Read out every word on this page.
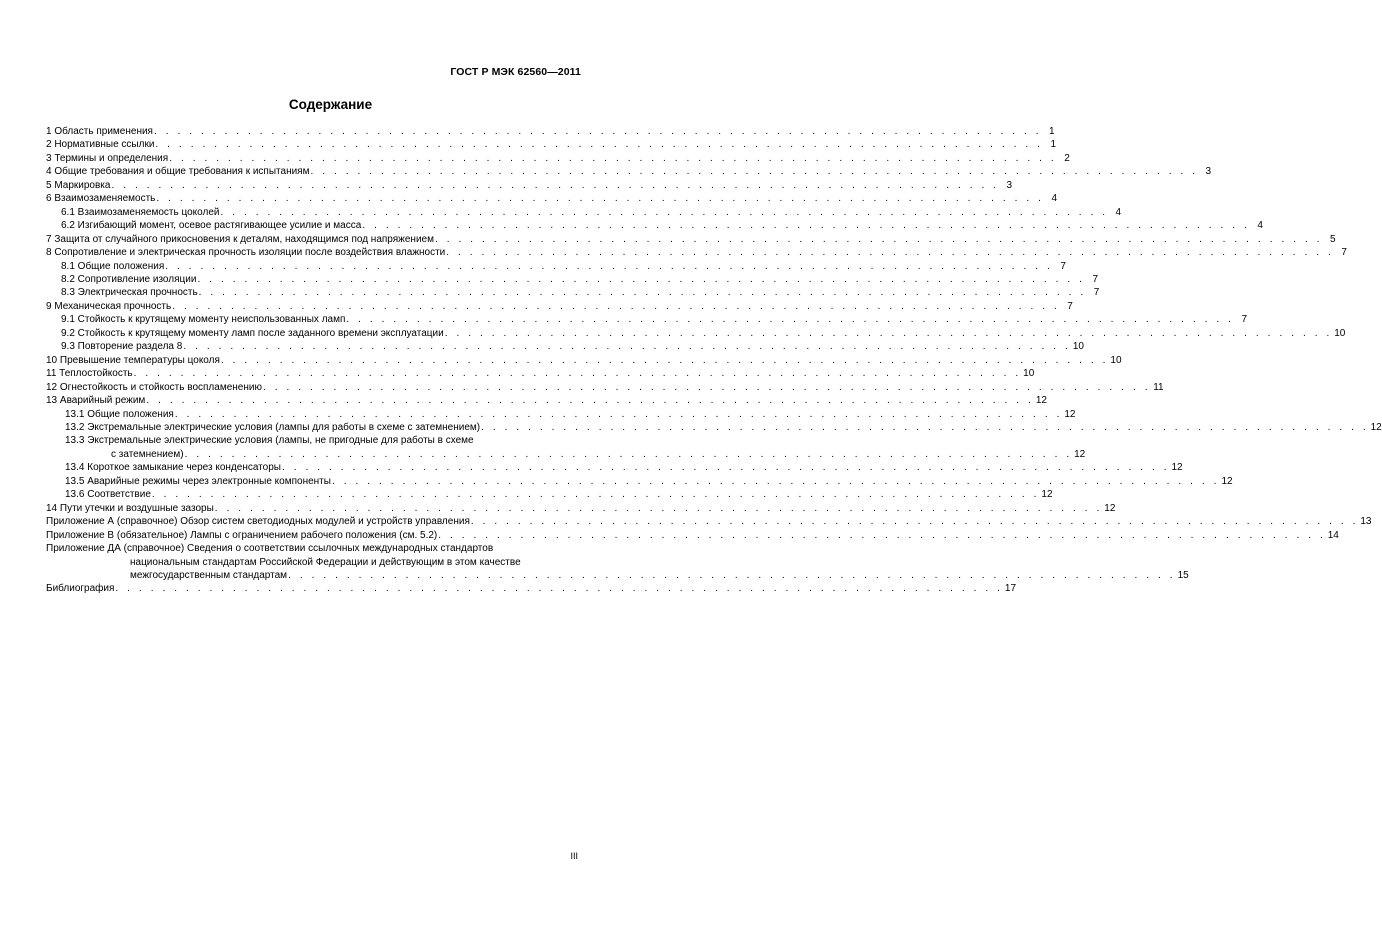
ГОСТ Р МЭК 62560—2011
Содержание
1 Область применения . . . . . . . . . . . . . . . . . . . . . . . . . . . . . . . . . . . . . . . . . . . . . . . . . . . . . . . . . . . . . . . . . . . . . . . . . . . . 1
2 Нормативные ссылки . . . . . . . . . . . . . . . . . . . . . . . . . . . . . . . . . . . . . . . . . . . . . . . . . . . . . . . . . . . . . . . . . . . . . . . . . . . . 1
3 Термины и определения . . . . . . . . . . . . . . . . . . . . . . . . . . . . . . . . . . . . . . . . . . . . . . . . . . . . . . . . . . . . . . . . . . . . . . . . . . . . 2
4 Общие требования и общие требования к испытаниям . . . . . . . . . . . . . . . . . . . . . . . . . . . . . . . . . . . . . . . . . . . . . . . . . . . . . . . . . . . . . . . . . . . . . . . . . . . . 3
5 Маркировка . . . . . . . . . . . . . . . . . . . . . . . . . . . . . . . . . . . . . . . . . . . . . . . . . . . . . . . . . . . . . . . . . . . . . . . . . . . . 3
6 Взаимозаменяемость . . . . . . . . . . . . . . . . . . . . . . . . . . . . . . . . . . . . . . . . . . . . . . . . . . . . . . . . . . . . . . . . . . . . . . . . . . . . 4
6.1 Взаимозаменяемость цоколей . . . . . . . . . . . . . . . . . . . . . . . . . . . . . . . . . . . . . . . . . . . . . . . . . . . . . . . . . . . . . . . . . . . . . . . . . . . . 4
6.2 Изгибающий момент, осевое растягивающее усилие и масса . . . . . . . . . . . . . . . . . . . . . . . . . . . . . . . . . . . . . . . . . . . . . . . . . . . . . . . . . . . . . . . . . . . . . . . . . . . . 4
7 Защита от случайного прикосновения к деталям, находящимся под напряжением . . . . . . . . . . . . . . . . . . . . . . . . . . . . . . . . . . . . . . . . . . . . . . . . . . . . . . . . . . . . . . . . . . . . . . . . . . . . 5
8 Сопротивление и электрическая прочность изоляции после воздействия влажности . . . . . . . . . . . . . . . . . . . . . . . . . . . . . . . . . . . . . . . . . . . . . . . . . . . . . . . . . . . . . . . . . . . . . . . . . . . . 7
8.1 Общие положения . . . . . . . . . . . . . . . . . . . . . . . . . . . . . . . . . . . . . . . . . . . . . . . . . . . . . . . . . . . . . . . . . . . . . . . . . . . . 7
8.2 Сопротивление изоляции . . . . . . . . . . . . . . . . . . . . . . . . . . . . . . . . . . . . . . . . . . . . . . . . . . . . . . . . . . . . . . . . . . . . . . . . . . . . 7
8.3 Электрическая прочность . . . . . . . . . . . . . . . . . . . . . . . . . . . . . . . . . . . . . . . . . . . . . . . . . . . . . . . . . . . . . . . . . . . . . . . . . . . . 7
9 Механическая прочность . . . . . . . . . . . . . . . . . . . . . . . . . . . . . . . . . . . . . . . . . . . . . . . . . . . . . . . . . . . . . . . . . . . . . . . . . . . . 7
9.1 Стойкость к крутящему моменту неиспользованных ламп . . . . . . . . . . . . . . . . . . . . . . . . . . . . . . . . . . . . . . . . . . . . . . . . . . . . . . . . . . . . . . . . . . . . . . . . . . . . 7
9.2 Стойкость к крутящему моменту ламп после заданного времени эксплуатации . . . . . . . . . . . . . . . . . . . . . . . . . . . . . . . . . . . . . . . . . . . . . . . . . . . . . . . . . . . . . . . . . . . . . . . . . . . . 10
9.3 Повторение раздела 8 . . . . . . . . . . . . . . . . . . . . . . . . . . . . . . . . . . . . . . . . . . . . . . . . . . . . . . . . . . . . . . . . . . . . . . . . . . . . 10
10 Превышение температуры цоколя . . . . . . . . . . . . . . . . . . . . . . . . . . . . . . . . . . . . . . . . . . . . . . . . . . . . . . . . . . . . . . . . . . . . . . . . . . . . 10
11 Теплостойкость . . . . . . . . . . . . . . . . . . . . . . . . . . . . . . . . . . . . . . . . . . . . . . . . . . . . . . . . . . . . . . . . . . . . . . . . . . . . 10
12 Огнестойкость и стойкость воспламенению . . . . . . . . . . . . . . . . . . . . . . . . . . . . . . . . . . . . . . . . . . . . . . . . . . . . . . . . . . . . . . . . . . . . . . . . . . . . 11
13 Аварийный режим . . . . . . . . . . . . . . . . . . . . . . . . . . . . . . . . . . . . . . . . . . . . . . . . . . . . . . . . . . . . . . . . . . . . . . . . . . . . 12
13.1 Общие положения . . . . . . . . . . . . . . . . . . . . . . . . . . . . . . . . . . . . . . . . . . . . . . . . . . . . . . . . . . . . . . . . . . . . . . . . . . . . 12
13.2 Экстремальные электрические условия (лампы для работы в схеме с затемнением) . . . . . . . . . . . . . . . . . . . . . . . . . . . . . . . . . . . . . . . . . . . . . . . . . . . . . . . . . . . . . . . . . . . . . . . . . . . . 12
13.3 Экстремальные электрические условия (лампы, не пригодные для работы в схеме
с затемнением) . . . . . . . . . . . . . . . . . . . . . . . . . . . . . . . . . . . . . . . . . . . . . . . . . . . . . . . . . . . . . . . . . . . . . . . . . . . . 12
13.4 Короткое замыкание через конденсаторы . . . . . . . . . . . . . . . . . . . . . . . . . . . . . . . . . . . . . . . . . . . . . . . . . . . . . . . . . . . . . . . . . . . . . . . . . . . . 12
13.5 Аварийные режимы через электронные компоненты . . . . . . . . . . . . . . . . . . . . . . . . . . . . . . . . . . . . . . . . . . . . . . . . . . . . . . . . . . . . . . . . . . . . . . . . . . . . 12
13.6 Соответствие . . . . . . . . . . . . . . . . . . . . . . . . . . . . . . . . . . . . . . . . . . . . . . . . . . . . . . . . . . . . . . . . . . . . . . . . . . . . 12
14 Пути утечки и воздушные зазоры . . . . . . . . . . . . . . . . . . . . . . . . . . . . . . . . . . . . . . . . . . . . . . . . . . . . . . . . . . . . . . . . . . . . . . . . . . . . 12
Приложение А (справочное) Обзор систем светодиодных модулей и устройств управления . . . . . . . . . . . . . . . . . . . . . . . . . . . . . . . . . . . . . . . . . . . . . . . . . . . . . . . . . . . . . . . . . . . . . . . . . . . . 13
Приложение В (обязательное) Лампы с ограничением рабочего положения (см. 5.2) . . . . . . . . . . . . . . . . . . . . . . . . . . . . . . . . . . . . . . . . . . . . . . . . . . . . . . . . . . . . . . . . . . . . . . . . . . . . 14
Приложение ДА (справочное) Сведения о соответствии ссылочных международных стандартов
национальным стандартам Российской Федерации и действующим в этом качестве
межгосударственным стандартам . . . . . . . . . . . . . . . . . . . . . . . . . . . . . . . . . . . . . . . . . . . . . . . . . . . . . . . . . . . . . . . . . . . . . . . . . . . . 15
Библиография . . . . . . . . . . . . . . . . . . . . . . . . . . . . . . . . . . . . . . . . . . . . . . . . . . . . . . . . . . . . . . . . . . . . . . . . . . . . 17
III
